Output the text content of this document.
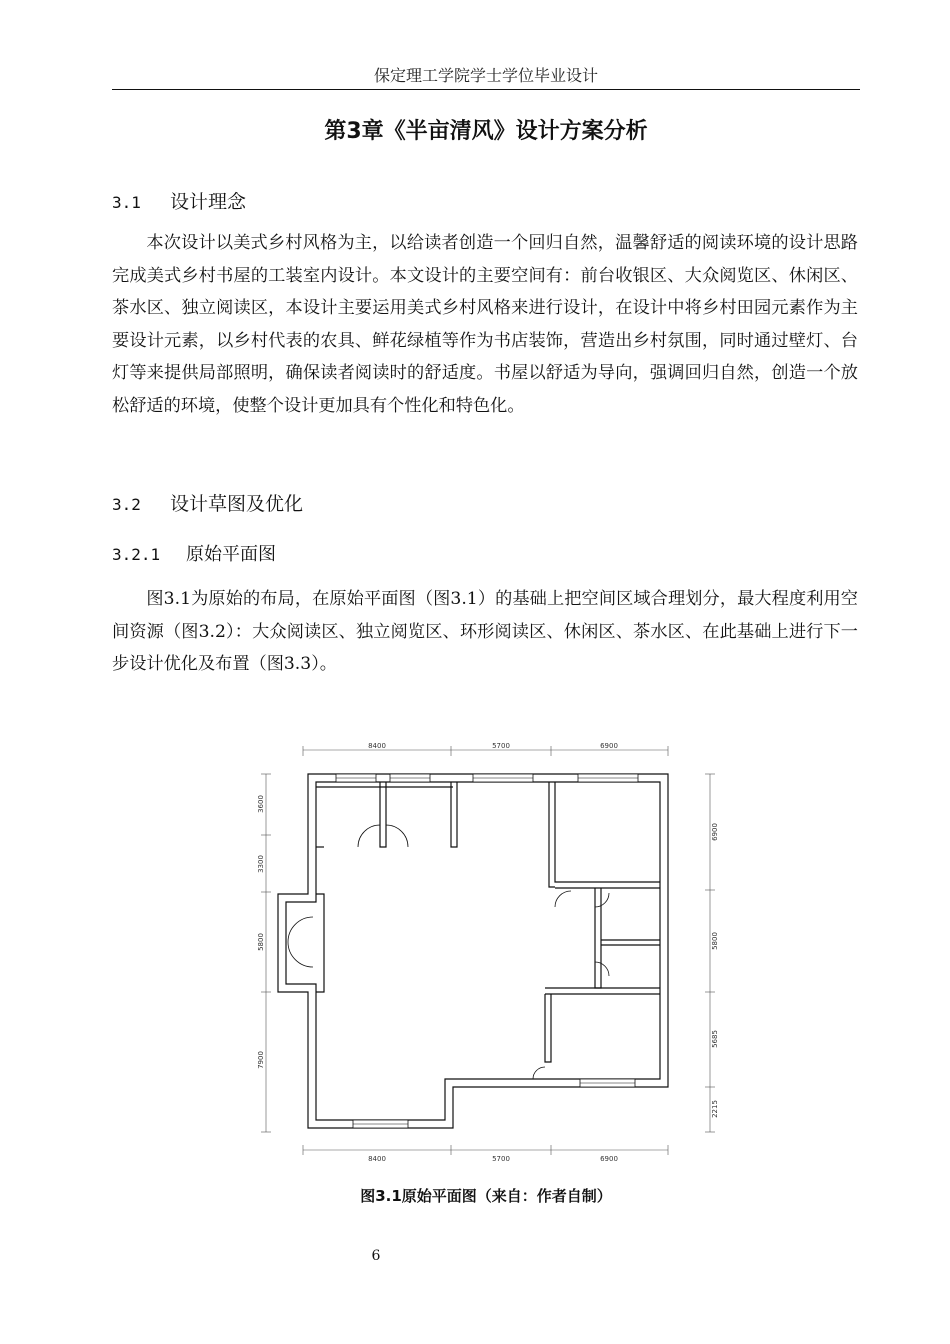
保定理工学院学士学位毕业设计
第3章《半亩清风》设计方案分析
3.1 设计理念
本次设计以美式乡村风格为主，以给读者创造一个回归自然，温馨舒适的阅读环境的设计思路完成美式乡村书屋的工装室内设计。本文设计的主要空间有：前台收银区、大众阅览区、休闲区、茶水区、独立阅读区，本设计主要运用美式乡村风格来进行设计，在设计中将乡村田园元素作为主要设计元素，以乡村代表的农具、鲜花绿植等作为书店装饰，营造出乡村氛围，同时通过壁灯、台灯等来提供局部照明，确保读者阅读时的舒适度。书屋以舒适为导向，强调回归自然，创造一个放松舒适的环境，使整个设计更加具有个性化和特色化。
3.2 设计草图及优化
3.2.1 原始平面图
图3.1为原始的布局，在原始平面图（图3.1）的基础上把空间区域合理划分，最大程度利用空间资源（图3.2）：大众阅读区、独立阅览区、环形阅读区、休闲区、茶水区、在此基础上进行下一步设计优化及布置（图3.3）。
8400	5700	6900
8400	5700	6900
3600
3300
5800
7900
6900
5800
5685
2215
图3.1原始平面图（来自：作者自制）
6
